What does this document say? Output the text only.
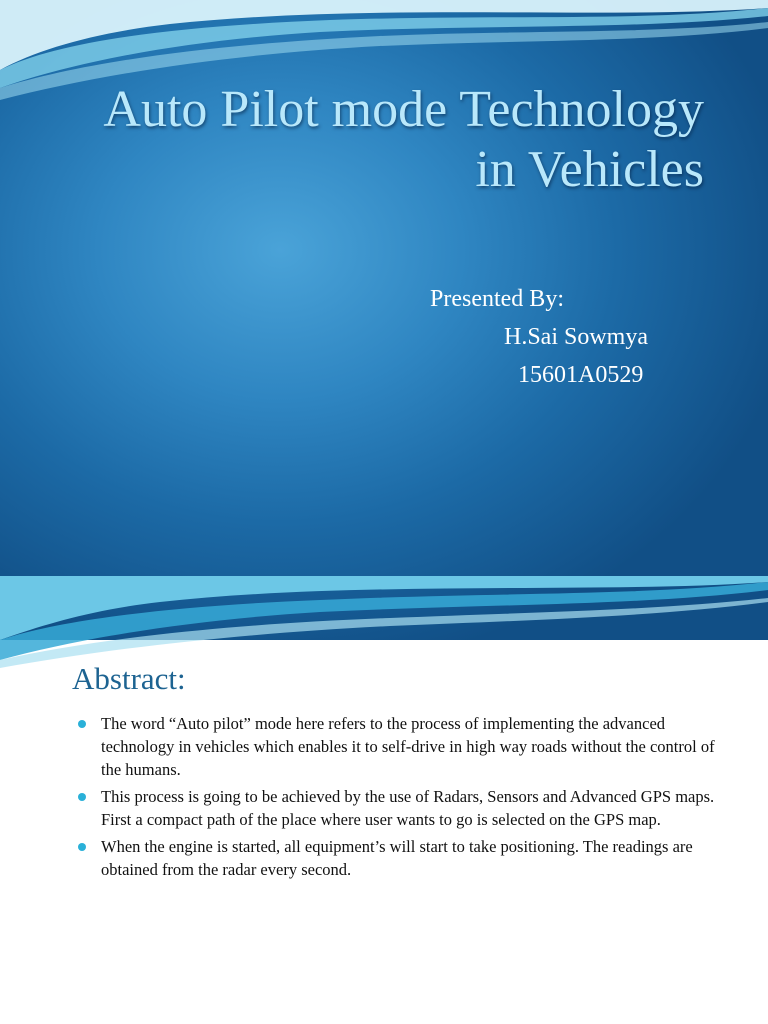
Auto Pilot mode Technology
in Vehicles
Presented By:
H.Sai Sowmya
15601A0529
Abstract:
The word “Auto pilot” mode here refers to the process of implementing the advanced technology in vehicles which enables it to self-drive in high way roads without the control of the humans.
This process is going to be achieved by the use of Radars, Sensors and Advanced GPS maps. First a compact path of the place where user wants to go is selected on the GPS map.
When the engine is started, all equipment’s will start to take positioning. The readings are obtained from the radar every second.
